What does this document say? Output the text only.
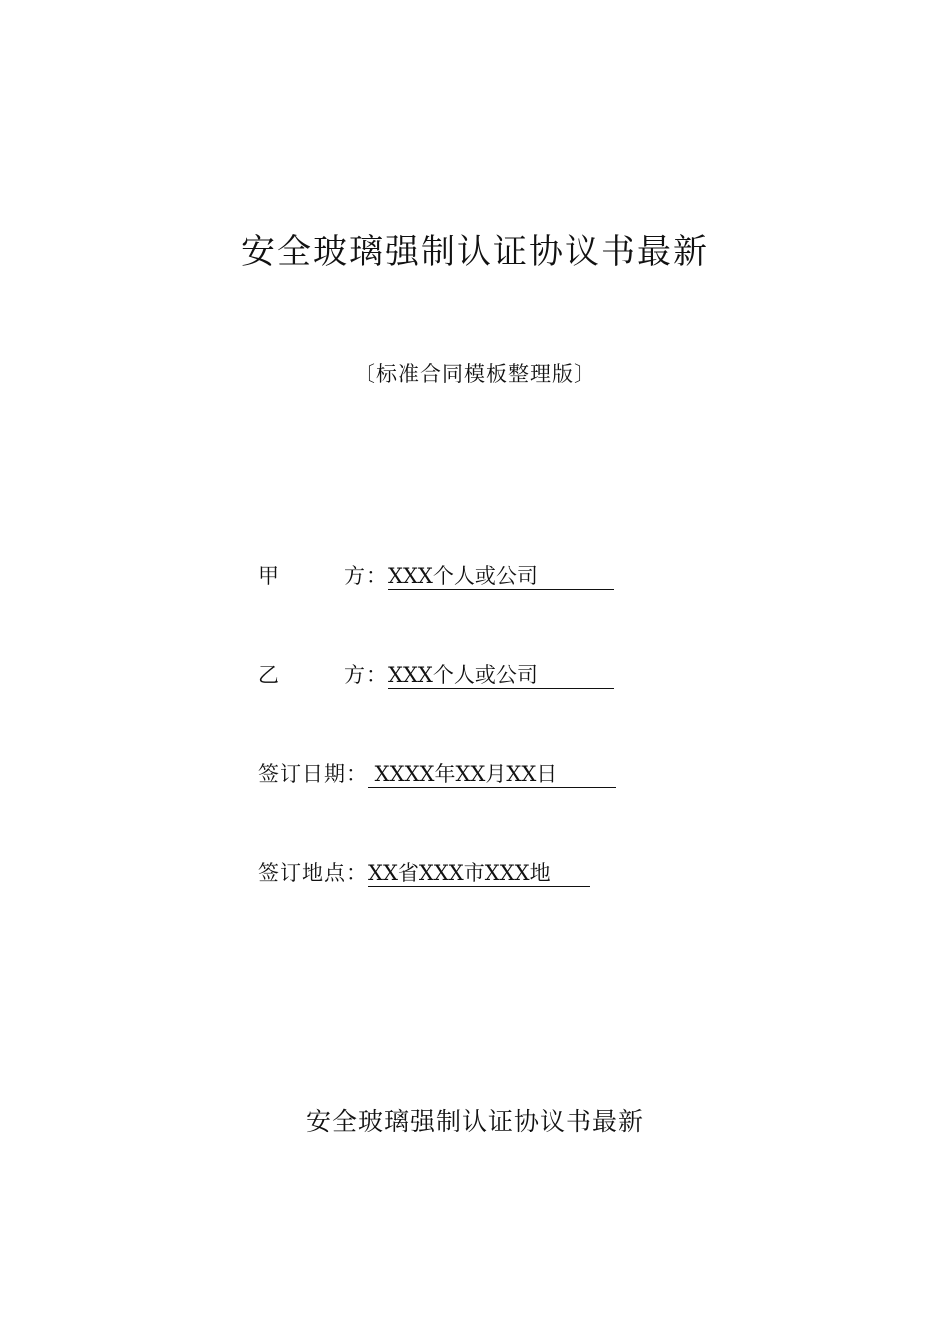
安全玻璃强制认证协议书最新
〔标准合同模板整理版〕
甲	方： XXX个人或公司
乙	方： XXX个人或公司
签订日期： XXXX年XX月XX日
签订地点：XX省XXX市XXX地
安全玻璃强制认证协议书最新
